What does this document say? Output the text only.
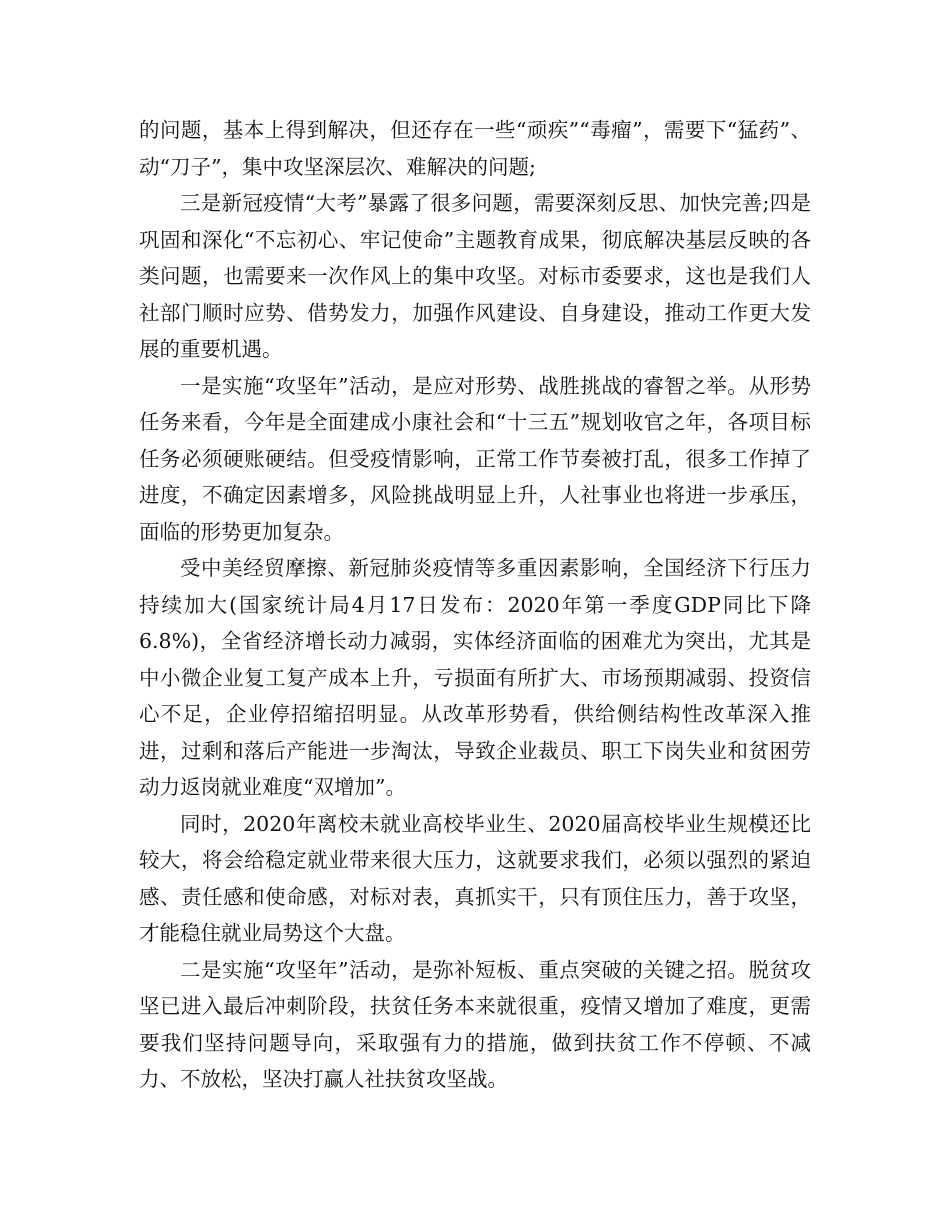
的问题，基本上得到解决，但还存在一些“顽疾”“毒瘤”，需要下“猛药”、动“刀子”，集中攻坚深层次、难解决的问题;

三是新冠疫情“大考”暴露了很多问题，需要深刻反思、加快完善;四是巩固和深化“不忘初心、牢记使命”主题教育成果，彻底解决基层反映的各类问题，也需要来一次作风上的集中攻坚。对标市委要求，这也是我们人社部门顺时应势、借势发力，加强作风建设、自身建设，推动工作更大发展的重要机遇。

一是实施“攻坚年”活动，是应对形势、战胜挑战的睿智之举。从形势任务来看，今年是全面建成小康社会和“十三五”规划收官之年，各项目标任务必须硬账硬结。但受疫情影响，正常工作节奏被打乱，很多工作掉了进度，不确定因素增多，风险挑战明显上升，人社事业也将进一步承压，面临的形势更加复杂。

受中美经贸摩擦、新冠肺炎疫情等多重因素影响，全国经济下行压力持续加大(国家统计局4月17日发布：2020年第一季度GDP同比下降6.8%)，全省经济增长动力减弱，实体经济面临的困难尤为突出，尤其是中小微企业复工复产成本上升，亏损面有所扩大、市场预期减弱、投资信心不足，企业停招缩招明显。从改革形势看，供给侧结构性改革深入推进，过剩和落后产能进一步淘汰，导致企业裁员、职工下岗失业和贫困劳动力返岗就业难度“双增加”。

同时，2020年离校未就业高校毕业生、2020届高校毕业生规模还比较大，将会给稳定就业带来很大压力，这就要求我们，必须以强烈的紧迫感、责任感和使命感，对标对表，真抓实干，只有顶住压力，善于攻坚，才能稳住就业局势这个大盘。

二是实施“攻坚年”活动，是弥补短板、重点突破的关键之招。脱贫攻坚已进入最后冲刺阶段，扶贫任务本来就很重，疫情又增加了难度，更需要我们坚持问题导向，采取强有力的措施，做到扶贫工作不停顿、不减力、不放松，坚决打赢人社扶贫攻坚战。
